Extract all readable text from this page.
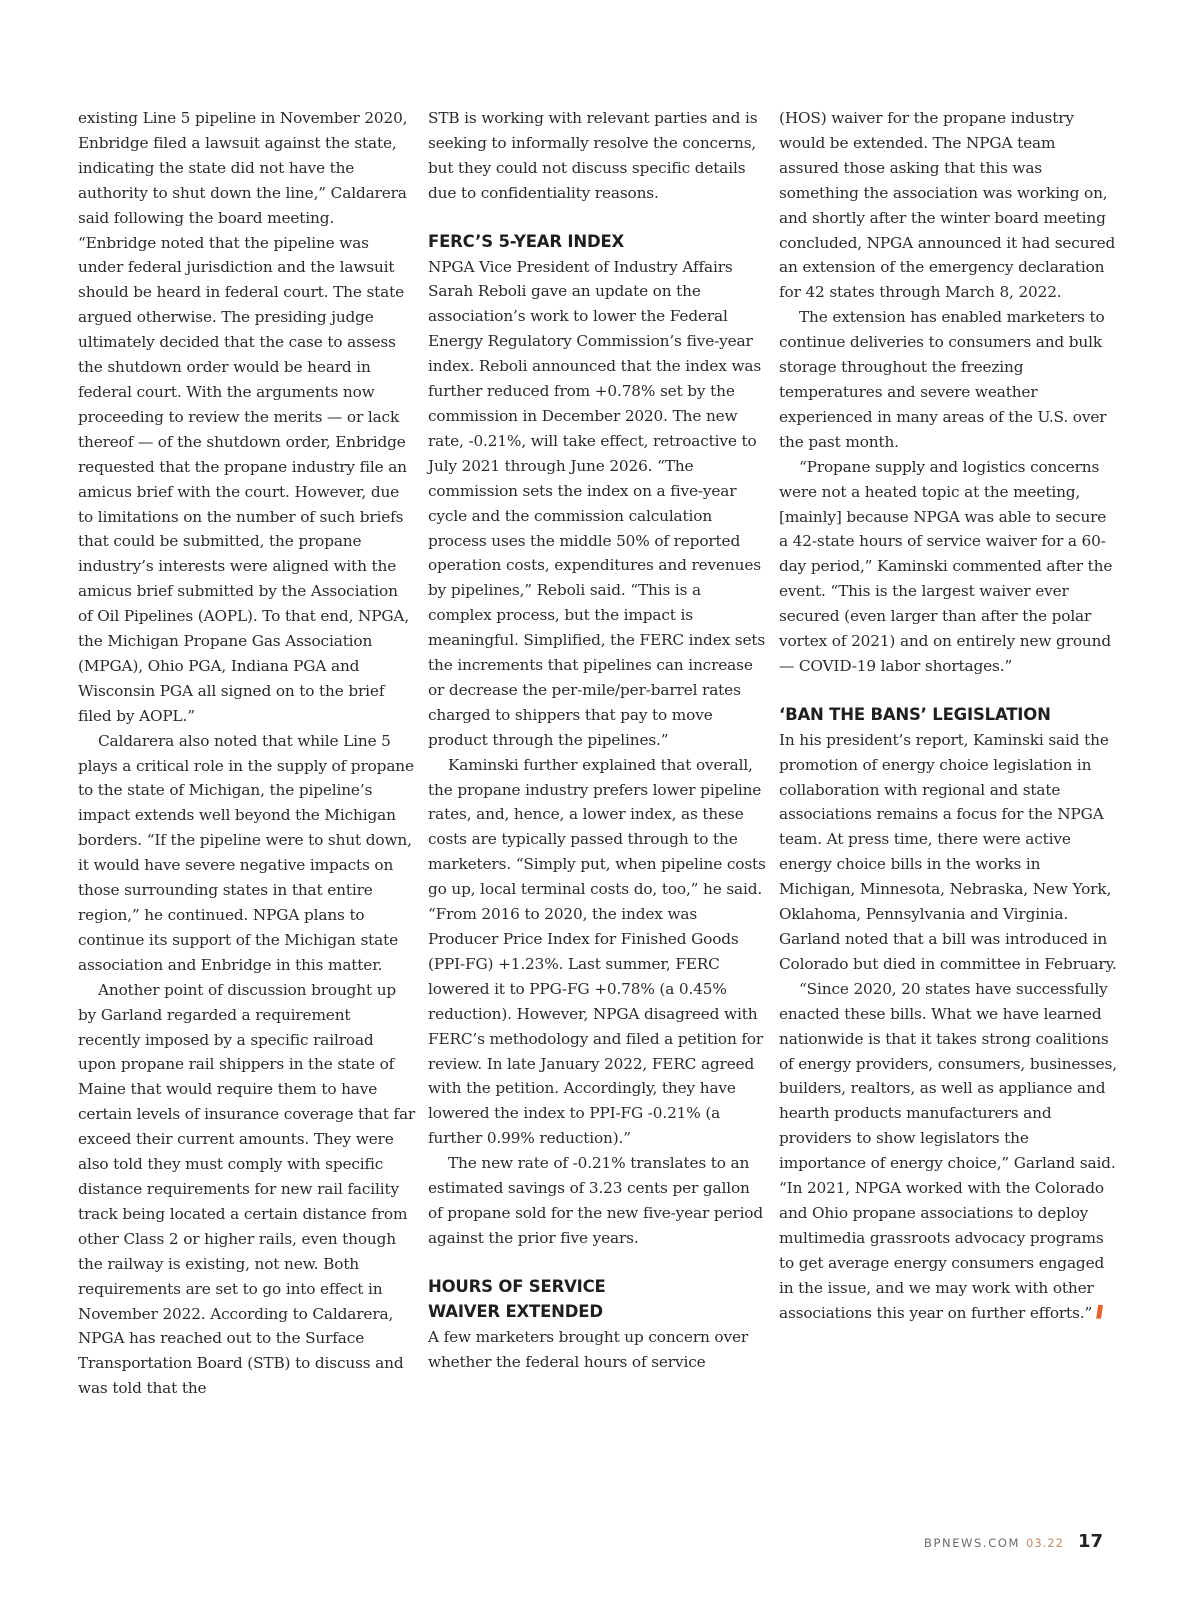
existing Line 5 pipeline in November 2020, Enbridge filed a lawsuit against the state, indicating the state did not have the authority to shut down the line,” Caldarera said following the board meeting. “Enbridge noted that the pipeline was under federal jurisdiction and the lawsuit should be heard in federal court. The state argued otherwise. The presiding judge ultimately decided that the case to assess the shutdown order would be heard in federal court. With the arguments now proceeding to review the merits — or lack thereof — of the shutdown order, Enbridge requested that the propane industry file an amicus brief with the court. However, due to limitations on the number of such briefs that could be submitted, the propane industry’s interests were aligned with the amicus brief submitted by the Association of Oil Pipelines (AOPL). To that end, NPGA, the Michigan Propane Gas Association (MPGA), Ohio PGA, Indiana PGA and Wisconsin PGA all signed on to the brief filed by AOPL.”

Caldarera also noted that while Line 5 plays a critical role in the supply of propane to the state of Michigan, the pipeline’s impact extends well beyond the Michigan borders. “If the pipeline were to shut down, it would have severe negative impacts on those surrounding states in that entire region,” he continued. NPGA plans to continue its support of the Michigan state association and Enbridge in this matter.

Another point of discussion brought up by Garland regarded a requirement recently imposed by a specific railroad upon propane rail shippers in the state of Maine that would require them to have certain levels of insurance coverage that far exceed their current amounts. They were also told they must comply with specific distance requirements for new rail facility track being located a certain distance from other Class 2 or higher rails, even though the railway is existing, not new. Both requirements are set to go into effect in November 2022. According to Caldarera, NPGA has reached out to the Surface Transportation Board (STB) to discuss and was told that the

STB is working with relevant parties and is seeking to informally resolve the concerns, but they could not discuss specific details due to confidentiality reasons.

FERC’S 5-YEAR INDEX

NPGA Vice President of Industry Affairs Sarah Reboli gave an update on the association’s work to lower the Federal Energy Regulatory Commission’s five-year index. Reboli announced that the index was further reduced from +0.78% set by the commission in December 2020. The new rate, -0.21%, will take effect, retroactive to July 2021 through June 2026. “The commission sets the index on a five-year cycle and the commission calculation process uses the middle 50% of reported operation costs, expenditures and revenues by pipelines,” Reboli said. “This is a complex process, but the impact is meaningful. Simplified, the FERC index sets the increments that pipelines can increase or decrease the per-mile/per-barrel rates charged to shippers that pay to move product through the pipelines.”

Kaminski further explained that overall, the propane industry prefers lower pipeline rates, and, hence, a lower index, as these costs are typically passed through to the marketers. “Simply put, when pipeline costs go up, local terminal costs do, too,” he said. “From 2016 to 2020, the index was Producer Price Index for Finished Goods (PPI-FG) +1.23%. Last summer, FERC lowered it to PPG-FG +0.78% (a 0.45% reduction). However, NPGA disagreed with FERC’s methodology and filed a petition for review. In late January 2022, FERC agreed with the petition. Accordingly, they have lowered the index to PPI-FG -0.21% (a further 0.99% reduction).”

The new rate of -0.21% translates to an estimated savings of 3.23 cents per gallon of propane sold for the new five-year period against the prior five years.

HOURS OF SERVICE WAIVER EXTENDED

A few marketers brought up concern over whether the federal hours of service

(HOS) waiver for the propane industry would be extended. The NPGA team assured those asking that this was something the association was working on, and shortly after the winter board meeting concluded, NPGA announced it had secured an extension of the emergency declaration for 42 states through March 8, 2022.

The extension has enabled marketers to continue deliveries to consumers and bulk storage throughout the freezing temperatures and severe weather experienced in many areas of the U.S. over the past month.

“Propane supply and logistics concerns were not a heated topic at the meeting, [mainly] because NPGA was able to secure a 42-state hours of service waiver for a 60-day period,” Kaminski commented after the event. “This is the largest waiver ever secured (even larger than after the polar vortex of 2021) and on entirely new ground — COVID-19 labor shortages.”

‘BAN THE BANS’ LEGISLATION

In his president’s report, Kaminski said the promotion of energy choice legislation in collaboration with regional and state associations remains a focus for the NPGA team. At press time, there were active energy choice bills in the works in Michigan, Minnesota, Nebraska, New York, Oklahoma, Pennsylvania and Virginia. Garland noted that a bill was introduced in Colorado but died in committee in February.

“Since 2020, 20 states have successfully enacted these bills. What we have learned nationwide is that it takes strong coalitions of energy providers, consumers, businesses, builders, realtors, as well as appliance and hearth products manufacturers and providers to show legislators the importance of energy choice,” Garland said. “In 2021, NPGA worked with the Colorado and Ohio propane associations to deploy multimedia grassroots advocacy programs to get average energy consumers engaged in the issue, and we may work with other associations this year on further efforts.”

BPNEWS.COM 03.22 17
